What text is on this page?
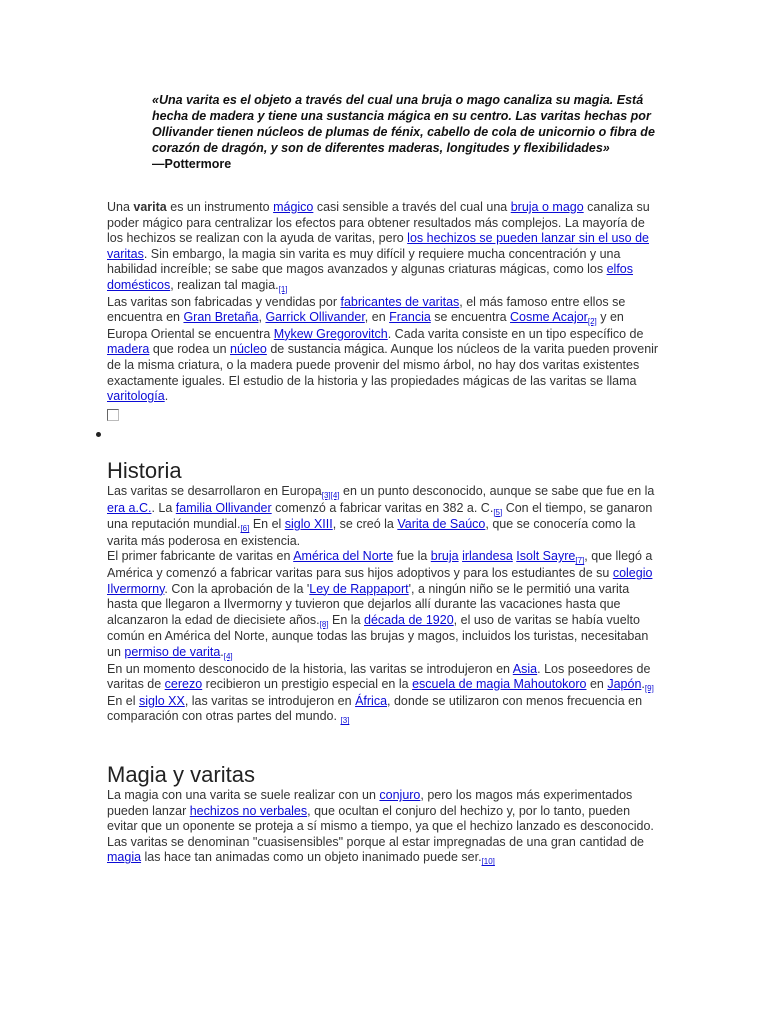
«Una varita es el objeto a través del cual una bruja o mago canaliza su magia. Está hecha de madera y tiene una sustancia mágica en su centro. Las varitas hechas por Ollivander tienen núcleos de plumas de fénix, cabello de cola de unicornio o fibra de corazón de dragón, y son de diferentes maderas, longitudes y flexibilidades»
—Pottermore

Una varita es un instrumento mágico casi sensible a través del cual una bruja o mago canaliza su poder mágico para centralizar los efectos para obtener resultados más complejos. La mayoría de los hechizos se realizan con la ayuda de varitas, pero los hechizos se pueden lanzar sin el uso de varitas. Sin embargo, la magia sin varita es muy difícil y requiere mucha concentración y una habilidad increíble; se sabe que magos avanzados y algunas criaturas mágicas, como los elfos domésticos, realizan tal magia.[1]

Las varitas son fabricadas y vendidas por fabricantes de varitas, el más famoso entre ellos se encuentra en Gran Bretaña, Garrick Ollivander, en Francia se encuentra Cosme Acajor[2] y en Europa Oriental se encuentra Mykew Gregorovitch. Cada varita consiste en un tipo específico de madera que rodea un núcleo de sustancia mágica. Aunque los núcleos de la varita pueden provenir de la misma criatura, o la madera puede provenir del mismo árbol, no hay dos varitas existentes exactamente iguales. El estudio de la historia y las propiedades mágicas de las varitas se llama varitología.

Historia

Las varitas se desarrollaron en Europa[3][4] en un punto desconocido, aunque se sabe que fue en la era a.C.. La familia Ollivander comenzó a fabricar varitas en 382 a. C.[5] Con el tiempo, se ganaron una reputación mundial.[6] En el siglo XIII, se creó la Varita de Saúco, que se conocería como la varita más poderosa en existencia.

El primer fabricante de varitas en América del Norte fue la bruja irlandesa Isolt Sayre[7], que llegó a América y comenzó a fabricar varitas para sus hijos adoptivos y para los estudiantes de su colegio Ilvermorny. Con la aprobación de la 'Ley de Rappaport', a ningún niño se le permitió una varita hasta que llegaron a Ilvermorny y tuvieron que dejarlos allí durante las vacaciones hasta que alcanzaron la edad de diecisiete años.[8] En la década de 1920, el uso de varitas se había vuelto común en América del Norte, aunque todas las brujas y magos, incluidos los turistas, necesitaban un permiso de varita.[4]

En un momento desconocido de la historia, las varitas se introdujeron en Asia. Los poseedores de varitas de cerezo recibieron un prestigio especial en la escuela de magia Mahoutokoro en Japón.[9]

En el siglo XX, las varitas se introdujeron en África, donde se utilizaron con menos frecuencia en comparación con otras partes del mundo. [3]

Magia y varitas

La magia con una varita se suele realizar con un conjuro, pero los magos más experimentados pueden lanzar hechizos no verbales, que ocultan el conjuro del hechizo y, por lo tanto, pueden evitar que un oponente se proteja a sí mismo a tiempo, ya que el hechizo lanzado es desconocido. Las varitas se denominan "cuasisensibles" porque al estar impregnadas de una gran cantidad de magia las hace tan animadas como un objeto inanimado puede ser.[10]
